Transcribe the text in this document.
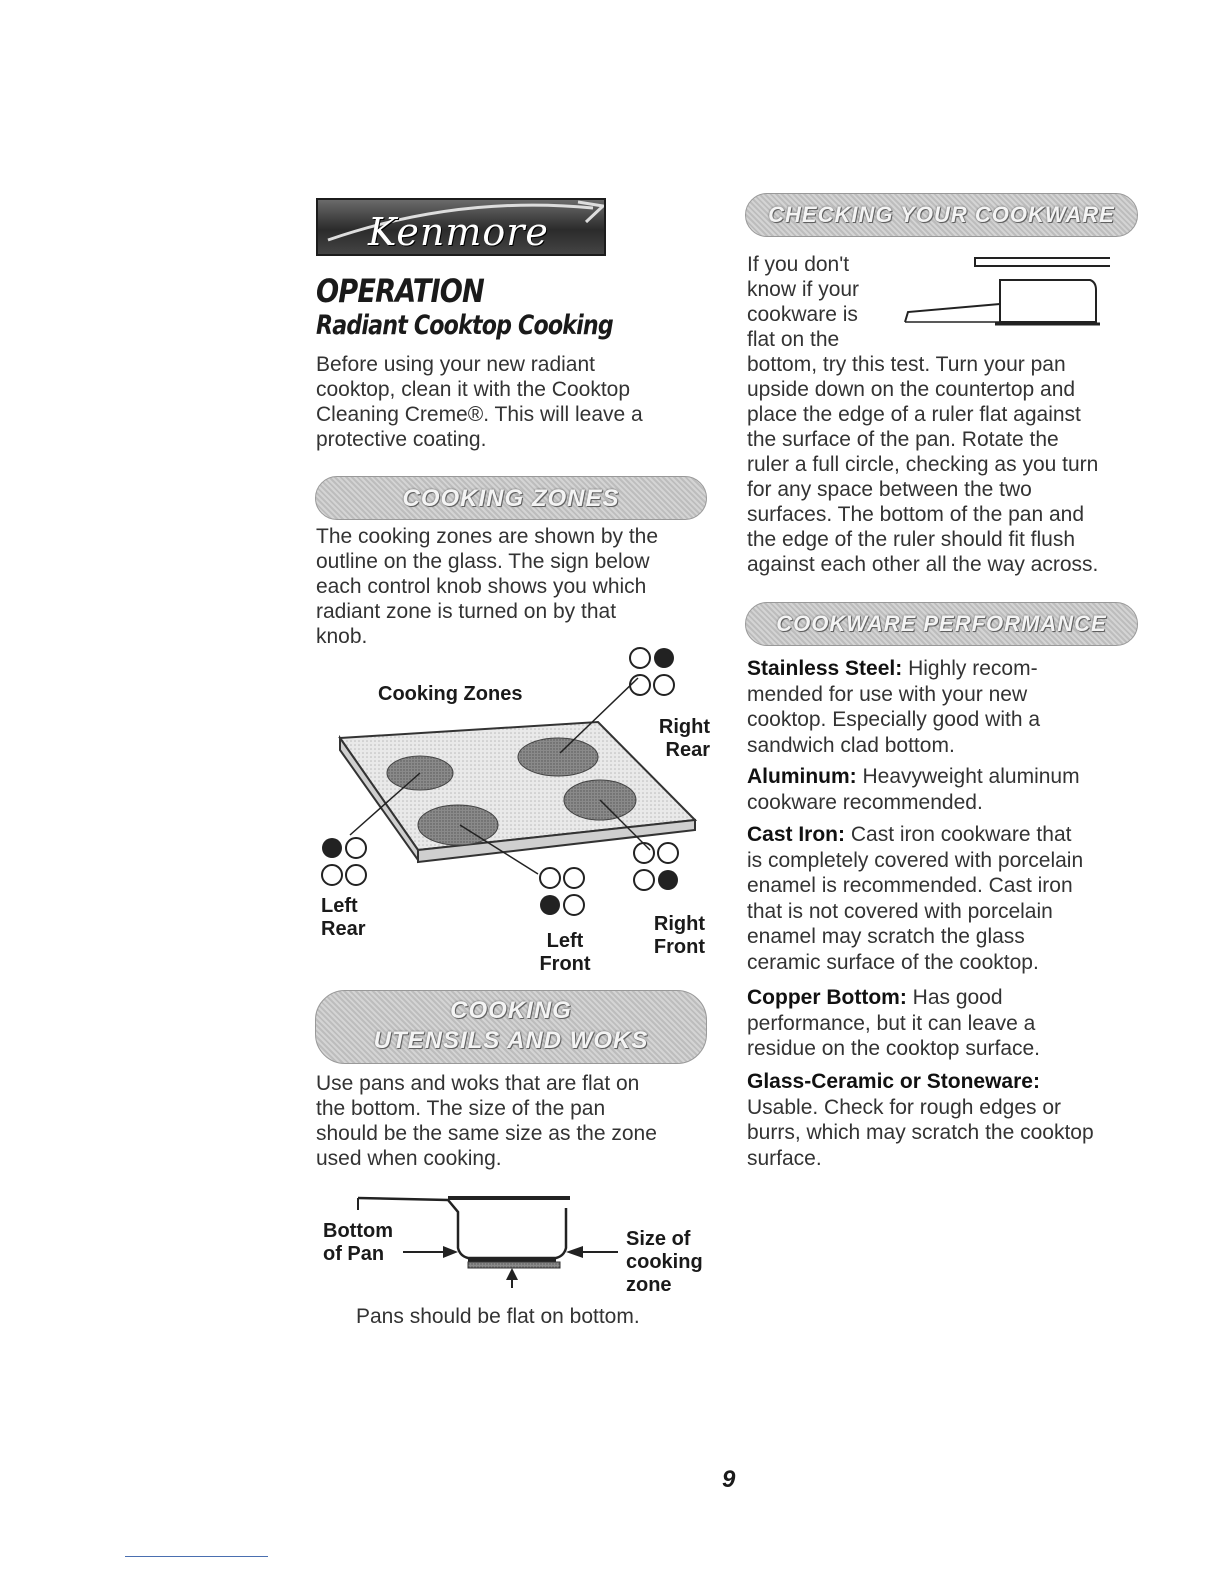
Kenmore
OPERATION
Radiant Cooktop Cooking
Before using your new radiant
cooktop, clean it with the Cooktop
Cleaning Creme®. This will leave a
protective coating.
COOKING ZONES
The cooking zones are shown by the
outline on the glass. The sign below
each control knob shows you which
radiant zone is turned on by that
knob.
Cooking Zones
Right Rear
Left Rear
Left Front
Right Front
COOKING
UTENSILS AND WOKS
Use pans and woks that are flat on
the bottom. The size of the pan
should be the same size as the zone
used when cooking.
Bottom
of Pan
Size of
cooking
zone
Pans should be flat on bottom.
CHECKING YOUR COOKWARE
If you don't
know if your
cookware is
flat on the
bottom, try this test. Turn your pan
upside down on the countertop and
place the edge of a ruler flat against
the surface of the pan. Rotate the
ruler a full circle, checking as you turn
for any space between the two
surfaces. The bottom of the pan and
the edge of the ruler should fit flush
against each other all the way across.
COOKWARE PERFORMANCE
Stainless Steel: Highly recom-
mended for use with your new
cooktop. Especially good with a
sandwich clad bottom.
Aluminum: Heavyweight aluminum
cookware recommended.
Cast Iron: Cast iron cookware that
is completely covered with porcelain
enamel is recommended. Cast iron
that is not covered with porcelain
enamel may scratch the glass
ceramic surface of the cooktop.
Copper Bottom: Has good
performance, but it can leave a
residue on the cooktop surface.
Glass-Ceramic or Stoneware:
Usable. Check for rough edges or
burrs, which may scratch the cooktop
surface.
9
